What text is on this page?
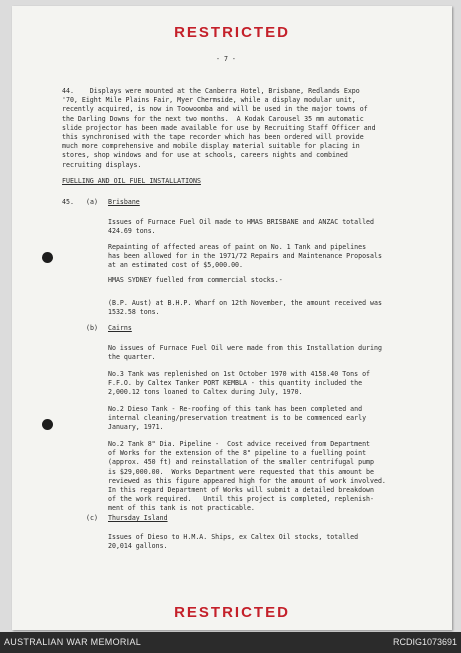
RESTRICTED
- 7 -
44.    Displays were mounted at the Canberra Hotel, Brisbane, Redlands Expo
'70, Eight Mile Plains Fair, Myer Chermside, while a display modular unit,
recently acquired, is now in Toowoomba and will be used in the major towns of
the Darling Downs for the next two months.  A Kodak Carousel 35 mm automatic
slide projector has been made available for use by Recruiting Staff Officer and
this synchronised with the tape recorder which has been ordered will provide
much more comprehensive and mobile display material suitable for placing in
stores, shop windows and for use at schools, careers nights and combined
recruiting displays.
FUELLING AND OIL FUEL INSTALLATIONS
45. (a) Brisbane
Issues of Furnace Fuel Oil made to HMAS BRISBANE and ANZAC totalled
424.69 tons.
Repainting of affected areas of paint on No. 1 Tank and pipelines
has been allowed for in the 1971/72 Repairs and Maintenance Proposals
at an estimated cost of $5,000.00.
HMAS SYDNEY fuelled from commercial stocks.-
(B.P. Aust) at B.H.P. Wharf on 12th November, the amount received was
1532.58 tons.
(b) Cairns
No issues of Furnace Fuel Oil were made from this Installation during
the quarter.
No.3 Tank was replenished on 1st October 1970 with 4158.40 Tons of
F.F.O. by Caltex Tanker PORT KEMBLA - this quantity included the
2,000.12 tons loaned to Caltex during July, 1970.
No.2 Dieso Tank - Re-roofing of this tank has been completed and
internal cleaning/preservation treatment is to be commenced early
January, 1971.
No.2 Tank 8" Dia. Pipeline -  Cost advice received from Department
of Works for the extension of the 8" pipeline to a fuelling point
(approx. 450 ft) and reinstallation of the smaller centrifugal pump
is $29,000.00.  Works Department were requested that this amount be
reviewed as this figure appeared high for the amount of work involved.
In this regard Department of Works will submit a detailed breakdown
of the work required.   Until this project is completed, replenish-
ment of this tank is not practicable.
(c) Thursday Island
Issues of Dieso to H.M.A. Ships, ex Caltex Oil stocks, totalled
20,014 gallons.
RESTRICTED
AUSTRALIAN WAR MEMORIAL	RCDIG1073691
